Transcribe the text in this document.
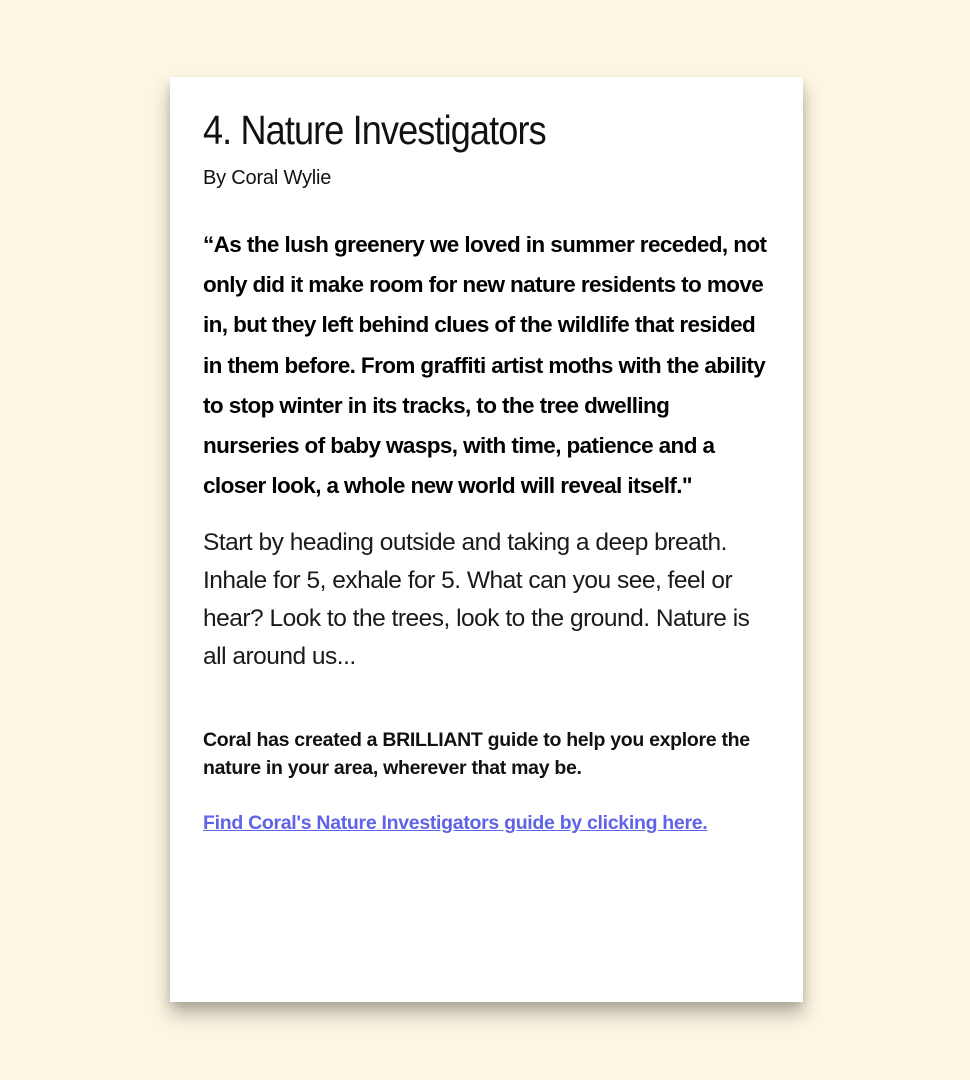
4. Nature Investigators
By Coral Wylie

“As the lush greenery we loved in summer receded, not only did it make room for new nature residents to move in, but they left behind clues of the wildlife that resided in them before. From graffiti artist moths with the ability to stop winter in its tracks, to the tree dwelling nurseries of baby wasps, with time, patience and a closer look, a whole new world will reveal itself."

Start by heading outside and taking a deep breath. Inhale for 5, exhale for 5. What can you see, feel or hear? Look to the trees, look to the ground. Nature is all around us...

Coral has created a BRILLIANT guide to help you explore the nature in your area, wherever that may be.

Find Coral's Nature Investigators guide by clicking here.
